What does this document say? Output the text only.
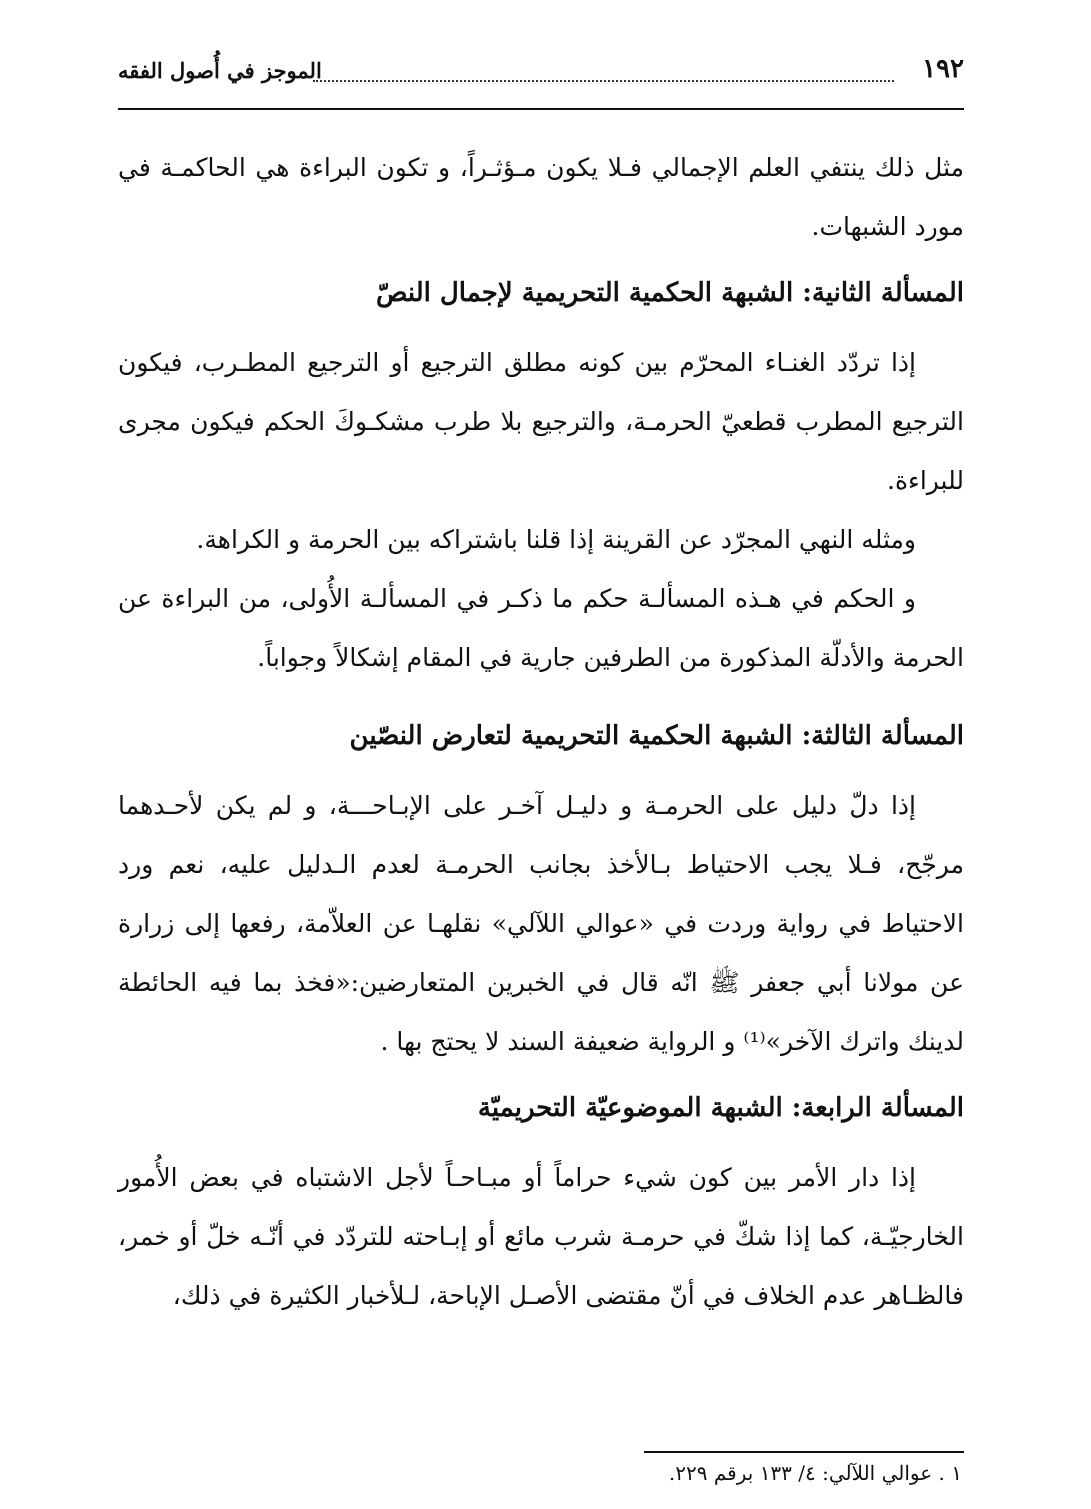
الموجز في أُصول الفقه	١٩٢

مثل ذلك ينتفي العلم الإجمالي فـلا يكون مـؤثـراً، و تكون البراءة هي الحاكمـة في مورد الشبهات.

المسألة الثانية: الشبهة الحكمية التحريمية لإجمال النصّ

إذا تردّد الغنـاء المحرّم بين كونه مطلق الترجيع أو الترجيع المطـرب، فيكون الترجيع المطرب قطعيّ الحرمـة، والترجيع بلا طرب مشكـوكَ الحكم فيكون مجرى للبراءة.

ومثله النهي المجرّد عن القرينة إذا قلنا باشتراكه بين الحرمة و الكراهة.

و الحكم في هـذه المسألـة حكم ما ذكـر في المسألـة الأُولى، من البراءة عن الحرمة والأدلّة المذكورة من الطرفين جارية في المقام إشكالاً وجواباً.

المسألة الثالثة: الشبهة الحكمية التحريمية لتعارض النصّين

إذا دلّ دليل على الحرمـة و دليـل آخـر على الإبـاحـــة، و لم يكن لأحـدهما مرجّح، فـلا يجب الاحتياط بـالأخذ بجانب الحرمـة لعدم الـدليل عليه، نعم ورد الاحتياط في رواية وردت في «عوالي اللآلي» نقلهـا عن العلاّمة، رفعها إلى زرارة عن مولانا أبي جعفر ﷺ انّه قال في الخبرين المتعارضين:«فخذ بما فيه الحائطة لدينك واترك الآخر»⁽¹⁾ و الرواية ضعيفة السند لا يحتج بها .

المسألة الرابعة: الشبهة الموضوعيّة التحريميّة

إذا دار الأمر بين كون شيء حراماً أو مبـاحـاً لأجل الاشتباه في بعض الأُمور الخارجيّـة، كما إذا شكّ في حرمـة شرب مائع أو إبـاحته للتردّد في أنّـه خلّ أو خمر، فالظـاهر عدم الخلاف في أنّ مقتضى الأصـل الإباحة، لـلأخبار الكثيرة في ذلك،

١ . عوالي اللآلي: ٤/ ١٣٣ برقم ٢٢٩.
